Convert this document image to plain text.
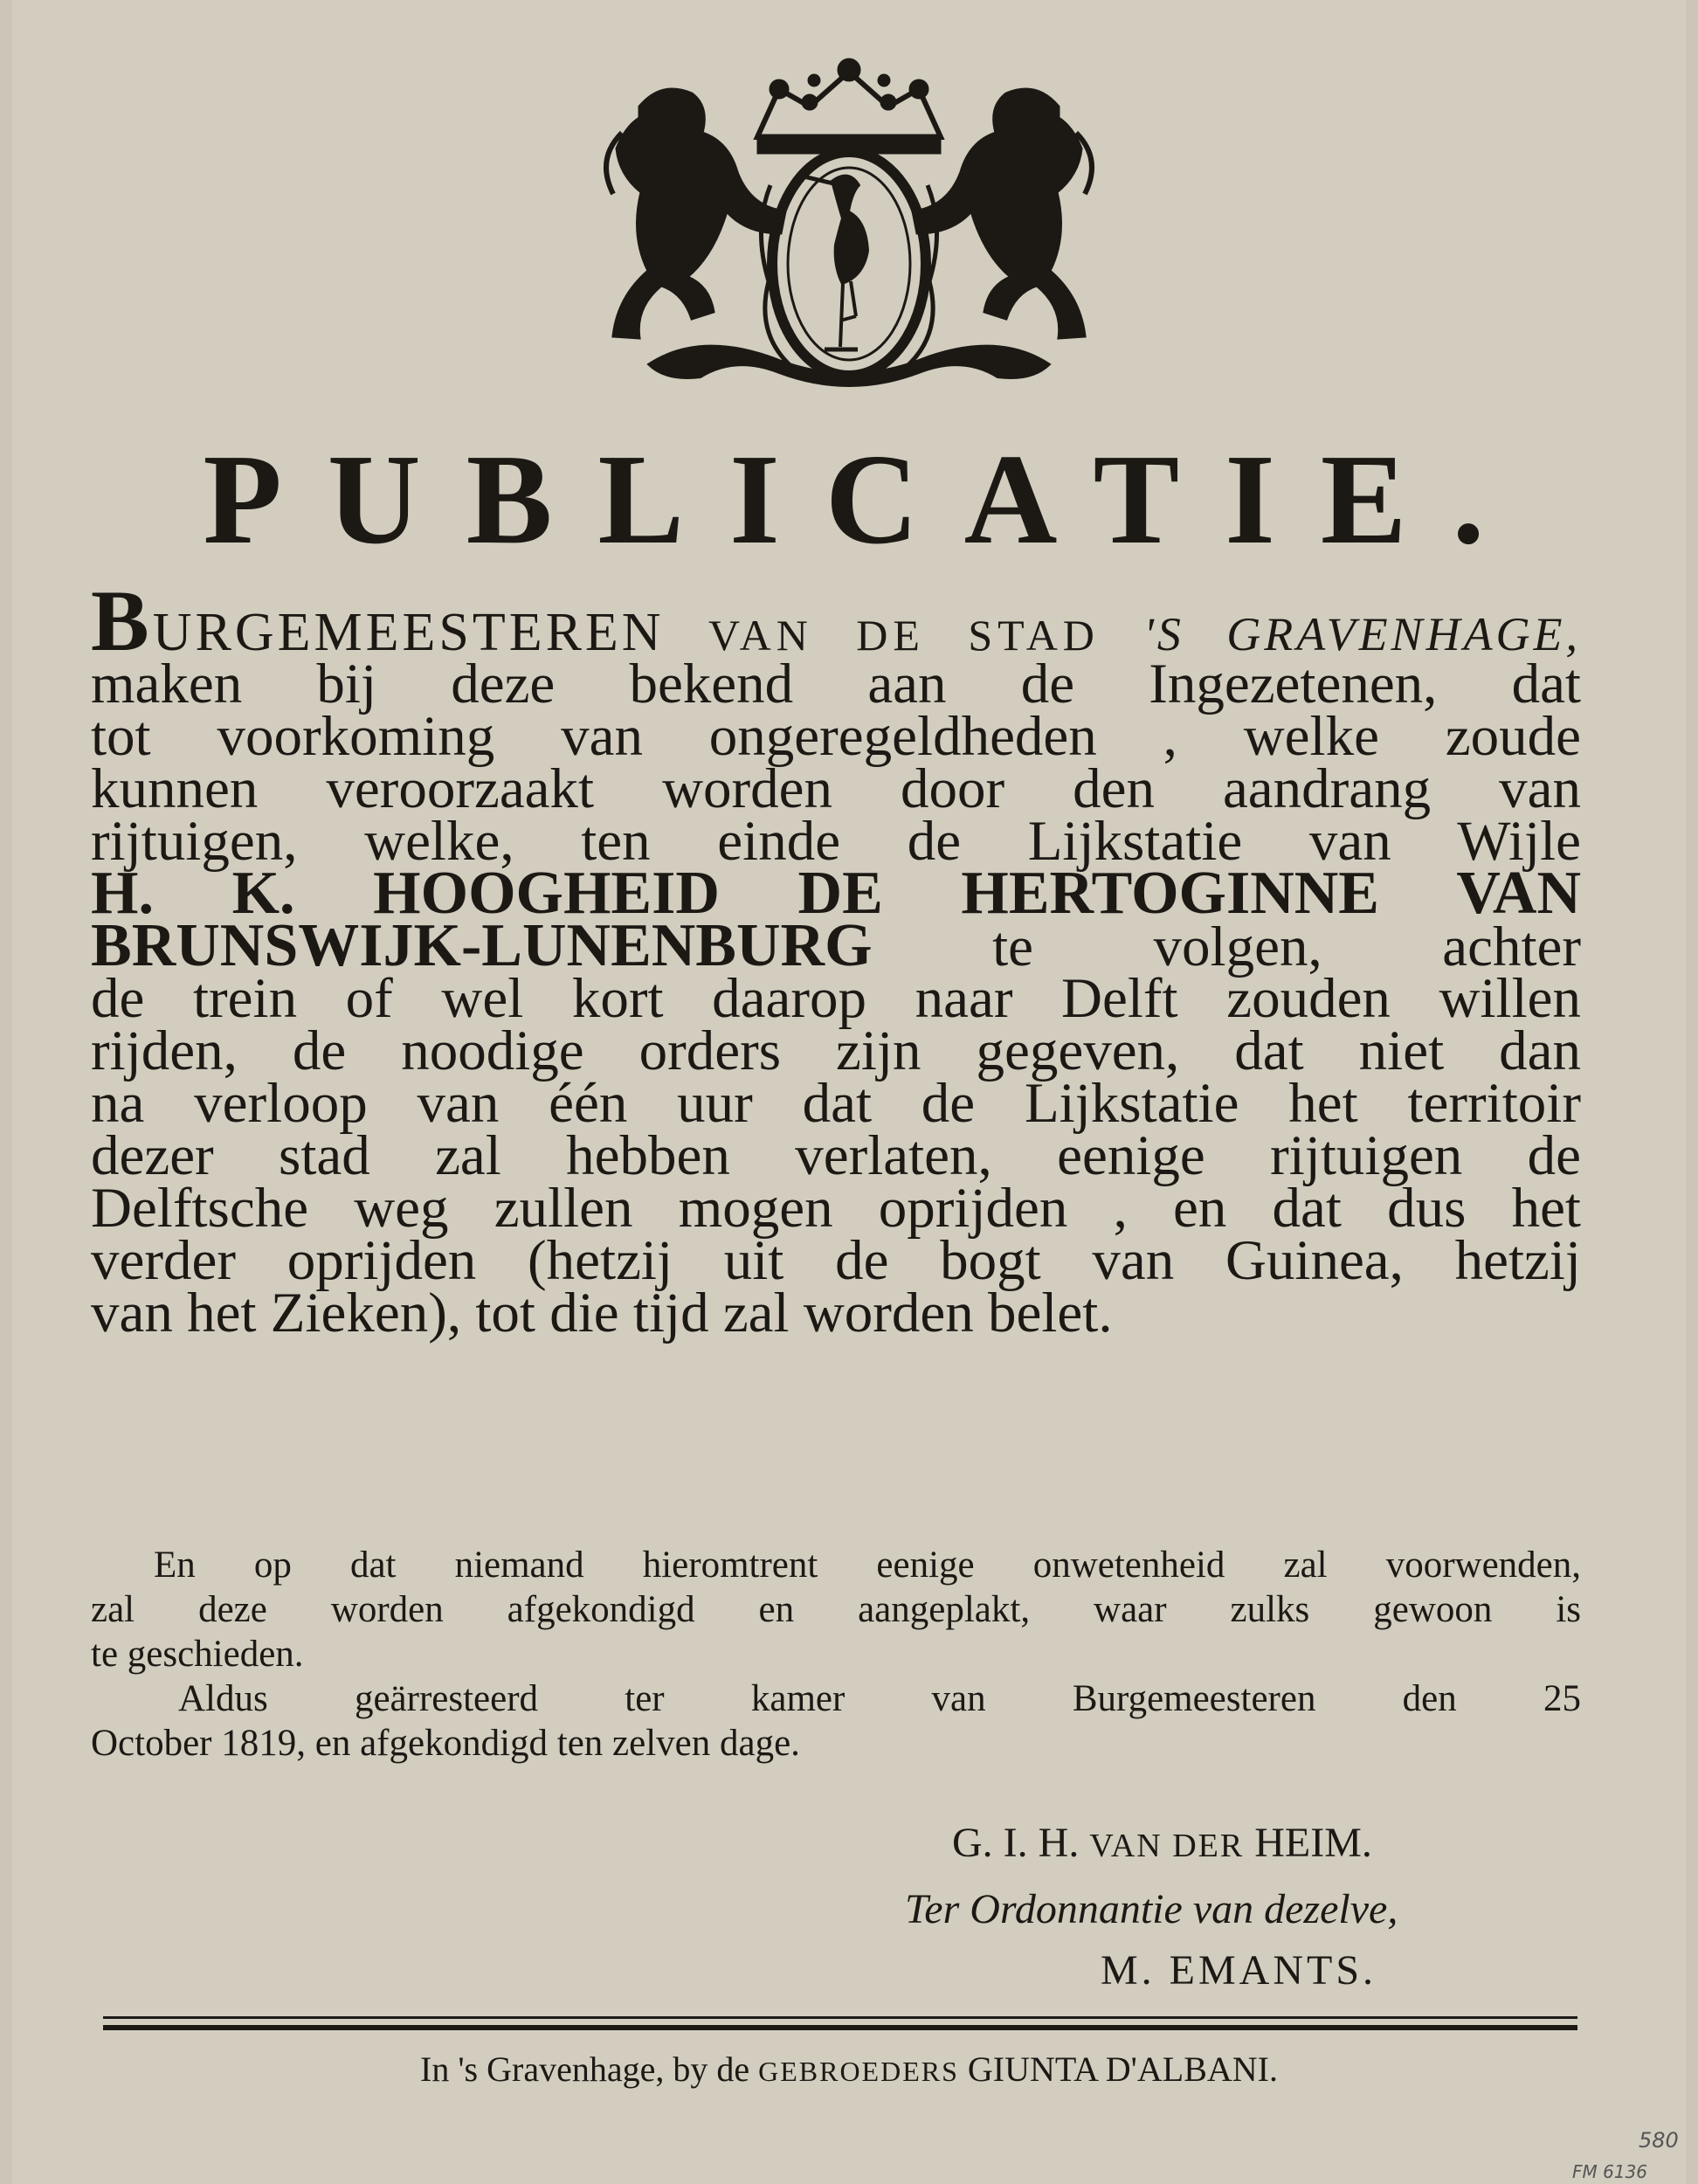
PUBLICATIE.
BURGEMEESTEREN VAN DE STAD 'S GRAVENHAGE,
maken bij deze bekend aan de Ingezetenen, dat
tot voorkoming van ongeregeldheden , welke zoude
kunnen veroorzaakt worden door den aandrang van
rijtuigen, welke, ten einde de Lijkstatie van Wijle
H. K. HOOGHEID DE HERTOGINNE VAN
BRUNSWIJK-LUNENBURG te volgen, achter
de trein of wel kort daarop naar Delft zouden willen
rijden, de noodige orders zijn gegeven, dat niet dan
na verloop van één uur dat de Lijkstatie het territoir
dezer stad zal hebben verlaten, eenige rijtuigen de
Delftsche weg zullen mogen oprijden , en dat dus het
verder oprijden (hetzij uit de bogt van Guinea, hetzij
van het Zieken), tot die tijd zal worden belet.
En op dat niemand hieromtrent eenige onwetenheid zal voorwenden,
zal deze worden afgekondigd en aangeplakt, waar zulks gewoon is
te geschieden.
Aldus geärresteerd ter kamer van Burgemeesteren den 25
October 1819, en afgekondigd ten zelven dage.
G. I. H. VAN DER HEIM.
Ter Ordonnantie van dezelve,
M. EMANTS.
In 's Gravenhage, by de GEBROEDERS GIUNTA D'ALBANI.
580
FM 6136
